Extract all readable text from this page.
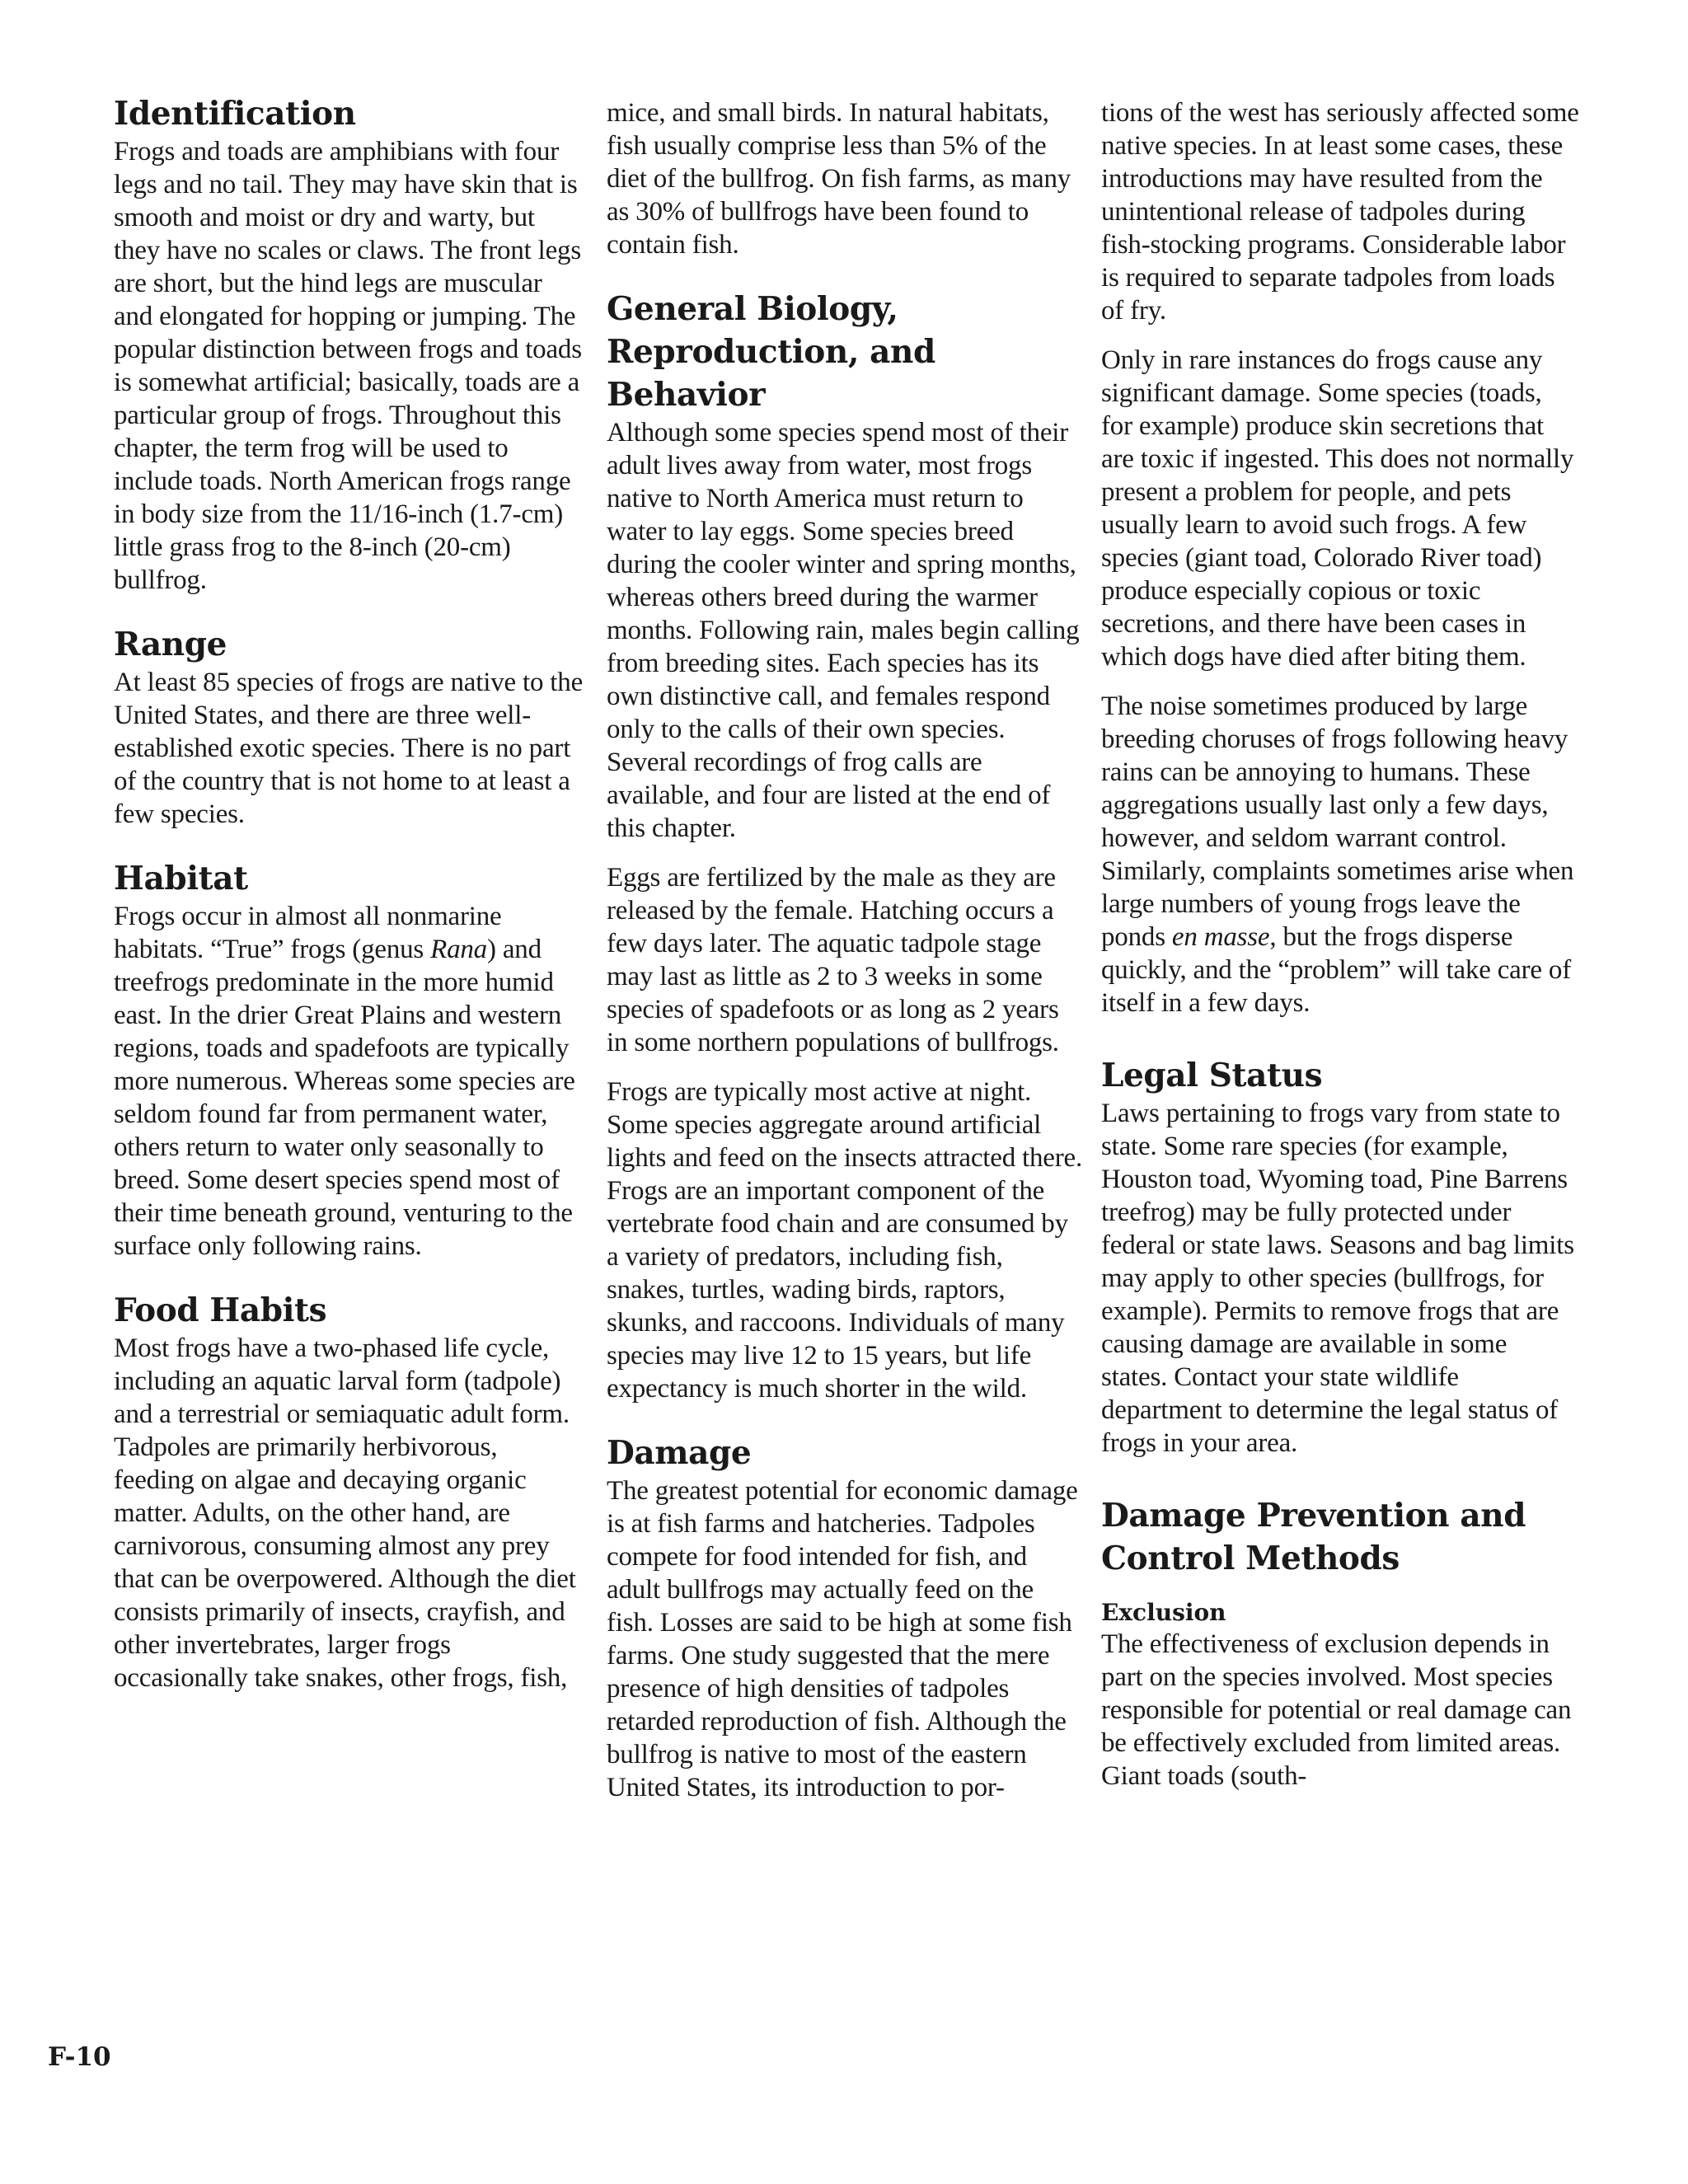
Identification

Frogs and toads are amphibians with four legs and no tail. They may have skin that is smooth and moist or dry and warty, but they have no scales or claws. The front legs are short, but the hind legs are muscular and elongated for hopping or jumping. The popular distinction between frogs and toads is somewhat artificial; basically, toads are a particular group of frogs. Throughout this chapter, the term frog will be used to include toads. North American frogs range in body size from the 11/16-inch (1.7-cm) little grass frog to the 8-inch (20-cm) bullfrog.

Range

At least 85 species of frogs are native to the United States, and there are three well-established exotic species. There is no part of the country that is not home to at least a few species.

Habitat

Frogs occur in almost all nonmarine habitats. “True” frogs (genus Rana) and treefrogs predominate in the more humid east. In the drier Great Plains and western regions, toads and spadefoots are typically more numerous. Whereas some species are seldom found far from permanent water, others return to water only seasonally to breed. Some desert species spend most of their time beneath ground, venturing to the surface only following rains.

Food Habits

Most frogs have a two-phased life cycle, including an aquatic larval form (tadpole) and a terrestrial or semiaquatic adult form. Tadpoles are primarily herbivorous, feeding on algae and decaying organic matter. Adults, on the other hand, are carnivorous, consuming almost any prey that can be overpowered. Although the diet consists primarily of insects, crayfish, and other invertebrates, larger frogs occasionally take snakes, other frogs, fish,

mice, and small birds. In natural habitats, fish usually comprise less than 5% of the diet of the bullfrog. On fish farms, as many as 30% of bullfrogs have been found to contain fish.

General Biology, Reproduction, and Behavior

Although some species spend most of their adult lives away from water, most frogs native to North America must return to water to lay eggs. Some species breed during the cooler winter and spring months, whereas others breed during the warmer months. Following rain, males begin calling from breeding sites. Each species has its own distinctive call, and females respond only to the calls of their own species. Several recordings of frog calls are available, and four are listed at the end of this chapter.

Eggs are fertilized by the male as they are released by the female. Hatching occurs a few days later. The aquatic tadpole stage may last as little as 2 to 3 weeks in some species of spadefoots or as long as 2 years in some northern populations of bullfrogs.

Frogs are typically most active at night. Some species aggregate around artificial lights and feed on the insects attracted there. Frogs are an important component of the vertebrate food chain and are consumed by a variety of predators, including fish, snakes, turtles, wading birds, raptors, skunks, and raccoons. Individuals of many species may live 12 to 15 years, but life expectancy is much shorter in the wild.

Damage

The greatest potential for economic damage is at fish farms and hatcheries. Tadpoles compete for food intended for fish, and adult bullfrogs may actually feed on the fish. Losses are said to be high at some fish farms. One study suggested that the mere presence of high densities of tadpoles retarded reproduction of fish. Although the bullfrog is native to most of the eastern United States, its introduction to por-

tions of the west has seriously affected some native species. In at least some cases, these introductions may have resulted from the unintentional release of tadpoles during fish-stocking programs. Considerable labor is required to separate tadpoles from loads of fry.

Only in rare instances do frogs cause any significant damage. Some species (toads, for example) produce skin secretions that are toxic if ingested. This does not normally present a problem for people, and pets usually learn to avoid such frogs. A few species (giant toad, Colorado River toad) produce especially copious or toxic secretions, and there have been cases in which dogs have died after biting them.

The noise sometimes produced by large breeding choruses of frogs following heavy rains can be annoying to humans. These aggregations usually last only a few days, however, and seldom warrant control. Similarly, complaints sometimes arise when large numbers of young frogs leave the ponds en masse, but the frogs disperse quickly, and the “problem” will take care of itself in a few days.

Legal Status

Laws pertaining to frogs vary from state to state. Some rare species (for example, Houston toad, Wyoming toad, Pine Barrens treefrog) may be fully protected under federal or state laws. Seasons and bag limits may apply to other species (bullfrogs, for example). Permits to remove frogs that are causing damage are available in some states. Contact your state wildlife department to determine the legal status of frogs in your area.

Damage Prevention and Control Methods
Exclusion

The effectiveness of exclusion depends in part on the species involved. Most species responsible for potential or real damage can be effectively excluded from limited areas. Giant toads (south-

F-10
